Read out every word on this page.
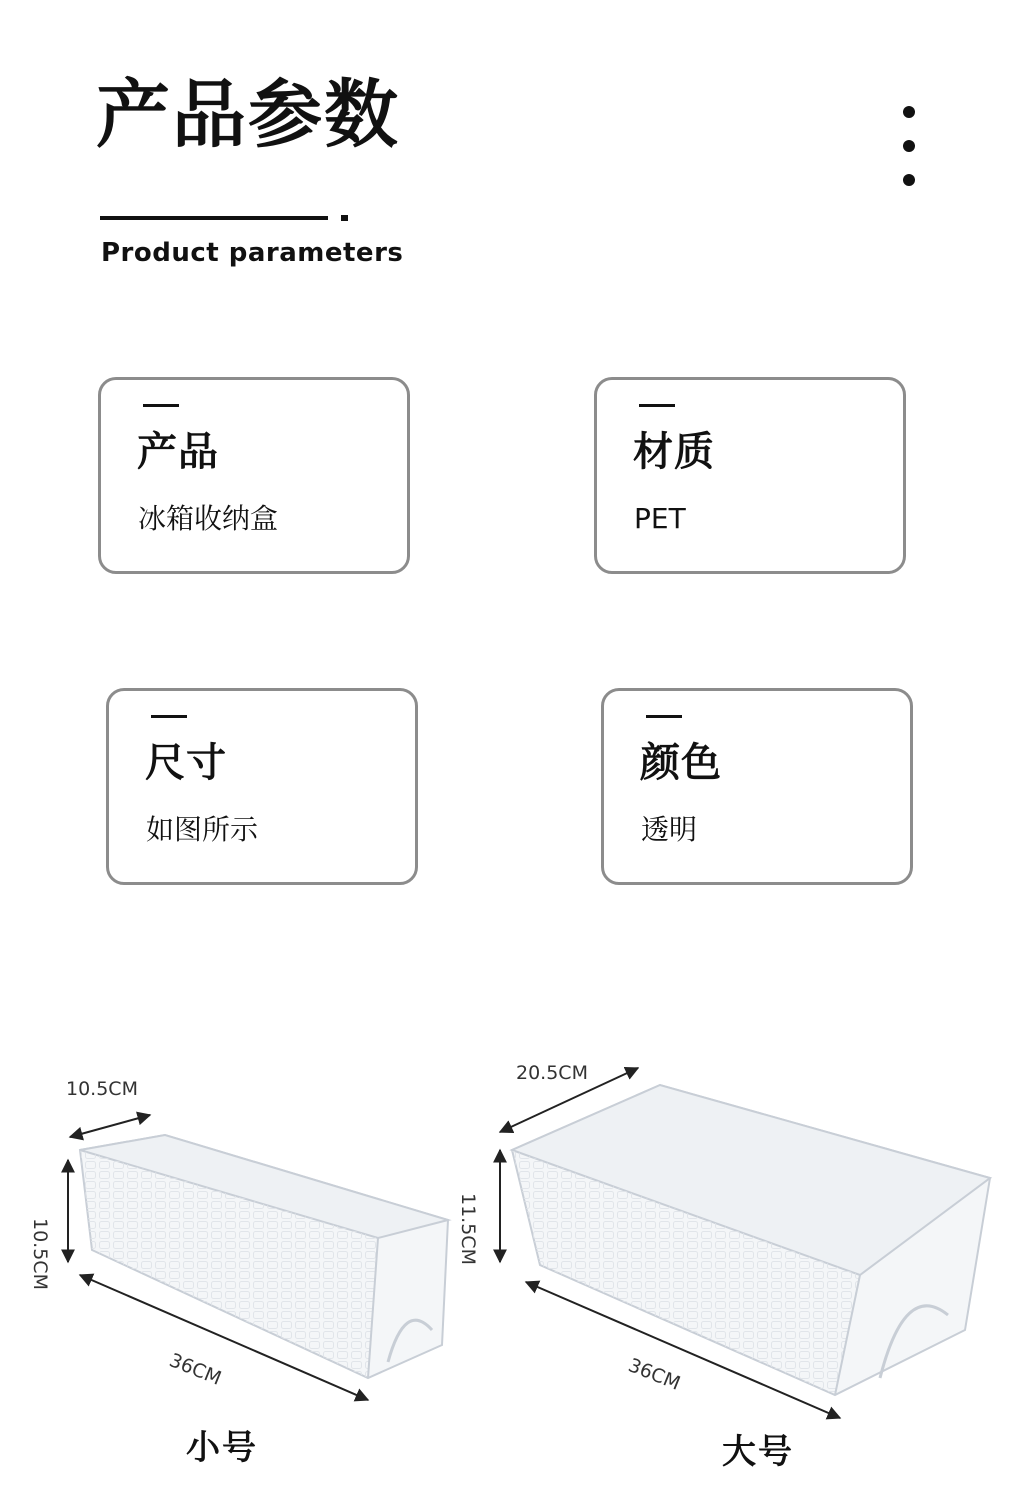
产品参数
Product parameters
产品
冰箱收纳盒
材质
PET
尺寸
如图所示
颜色
透明
10.5CM
10.5CM
36CM
20.5CM
11.5CM
36CM
小号	大号
